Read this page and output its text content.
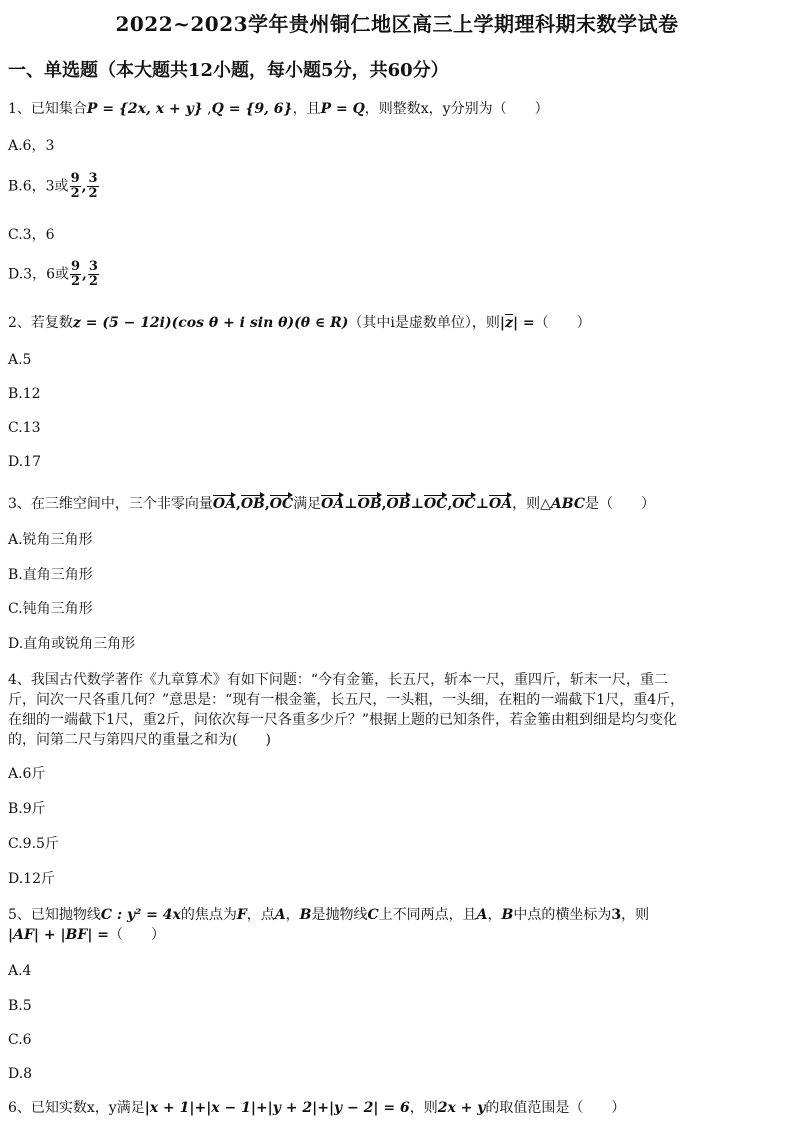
2022~2023学年贵州铜仁地区高三上学期理科期末数学试卷
一、单选题（本大题共12小题，每小题5分，共60分）
1、已知集合P = {2x, x + y} ,Q = {9, 6}，且P = Q，则整数x，y分别为（　　）
A.6，3
B.6，3或 $\frac{9}{2}$ , $\frac{3}{2}$
C.3，6
D.3，6或 $\frac{9}{2}$ , $\frac{3}{2}$
2、若复数z = (5 − 12i)(cos θ + i sin θ)(θ ∈ R)（其中i是虚数单位），则$|\overline{z}|$ =（　　）
A.5
B.12
C.13
D.17
3、在三维空间中，三个非零向量OA,OB,OC满足OA⊥OB,OB⊥OC,OC⊥OA，则△ABC是（　　）
A.锐角三角形
B.直角三角形
C.钝角三角形
D.直角或锐角三角形
4、我国古代数学著作《九章算术》有如下问题：“今有金箠，长五尺，斩本一尺，重四斤，斩末一尺，重二
斤，问次一尺各重几何？”意思是：“现有一根金箠，长五尺，一头粗，一头细，在粗的一端截下1尺，重4斤，
在细的一端截下1尺，重2斤，问依次每一尺各重多少斤？”根据上题的已知条件，若金箠由粗到细是均匀变化
的，问第二尺与第四尺的重量之和为(　　)
A.6斤
B.9斤
C.9.5斤
D.12斤
5、已知抛物线C : y² = 4x的焦点为F，点A，B是抛物线C上不同两点，且A，B中点的横坐标为3，则
|AF| + |BF| =（　　）
A.4
B.5
C.6
D.8
6、已知实数x，y满足|x + 1|+|x − 1|+|y + 2|+|y − 2| = 6，则2x + y的取值范围是（　　）
